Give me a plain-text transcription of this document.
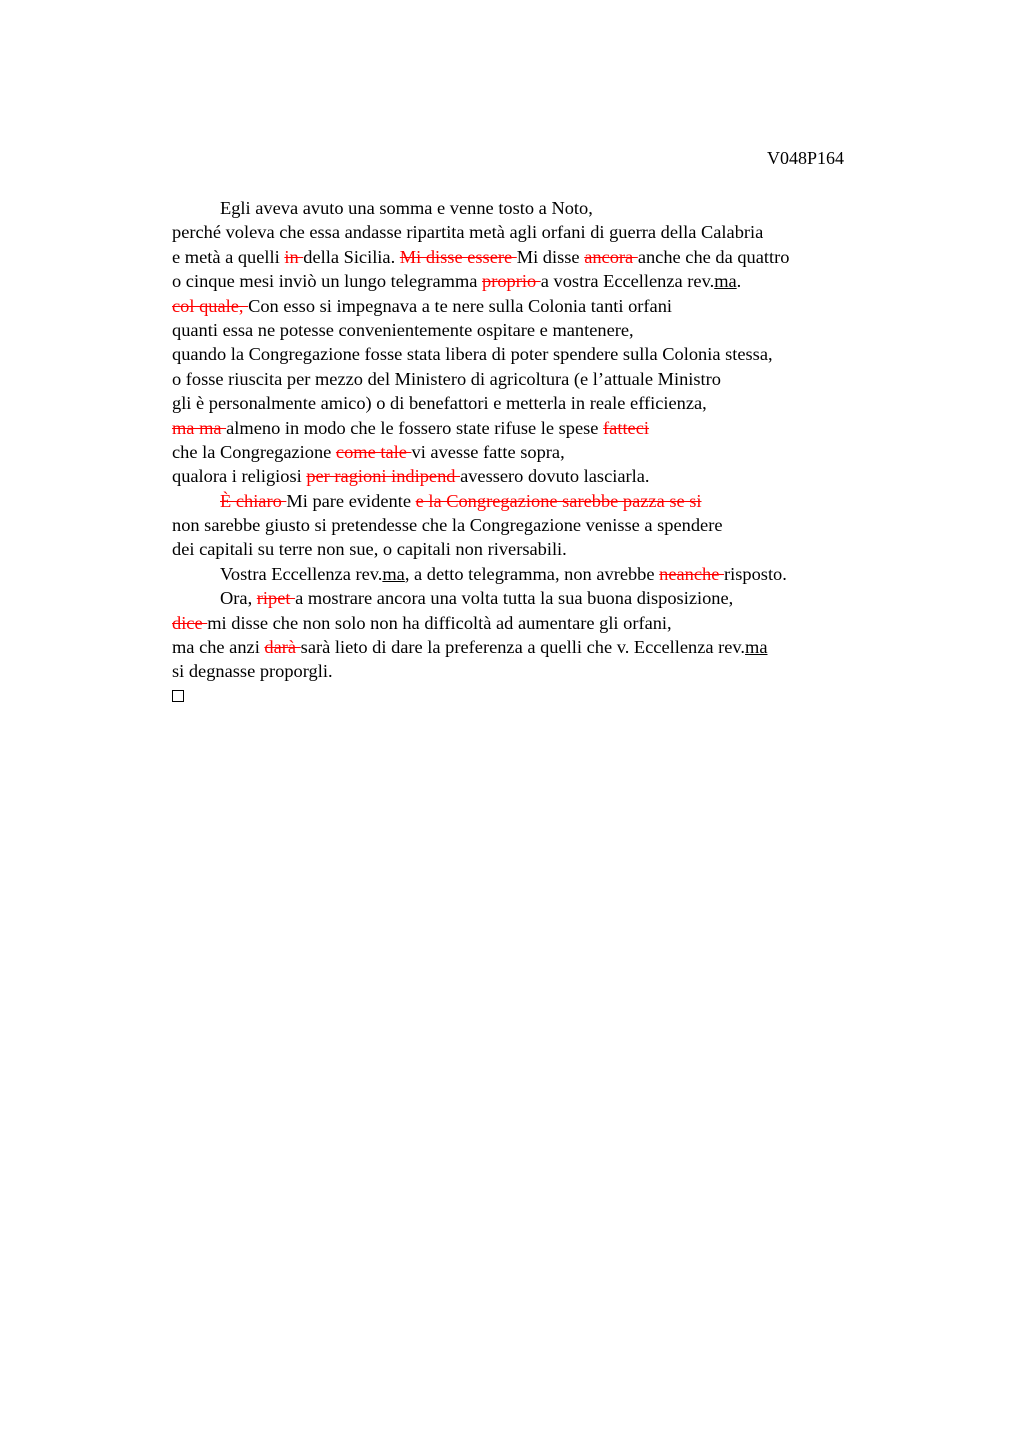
V048P164
Egli aveva avuto una somma e venne tosto a Noto,
perché voleva che essa andasse ripartita metà agli orfani di guerra della Calabria
e metà a quelli in della Sicilia. Mi disse essere Mi disse ancora anche che da quattro
o cinque mesi inviò un lungo telegramma proprio a vostra Eccellenza rev.ma.
col quale, Con esso si impegnava a te nere sulla Colonia tanti orfani
quanti essa ne potesse convenientemente ospitare e mantenere,
quando la Congregazione fosse stata libera di poter spendere sulla Colonia stessa,
o fosse riuscita per mezzo del Ministero di agricoltura (e l’attuale Ministro
gli è personalmente amico) o di benefattori e metterla in reale efficienza,
ma ma almeno in modo che le fossero state rifuse le spese fatteci
che la Congregazione come tale vi avesse fatte sopra,
qualora i religiosi per ragioni indipend avessero dovuto lasciarla.
È chiaro Mi pare evidente e la Congregazione sarebbe pazza se si
non sarebbe giusto si pretendesse che la Congregazione venisse a spendere
dei capitali su terre non sue, o capitali non riversabili.
Vostra Eccellenza rev.ma, a detto telegramma, non avrebbe neanche risposto.
Ora, ripet a mostrare ancora una volta tutta la sua buona disposizione,
dice mi disse che non solo non ha difficoltà ad aumentare gli orfani,
ma che anzi darà sarà lieto di dare la preferenza a quelli che v. Eccellenza rev.ma
si degnasse proporgli.
